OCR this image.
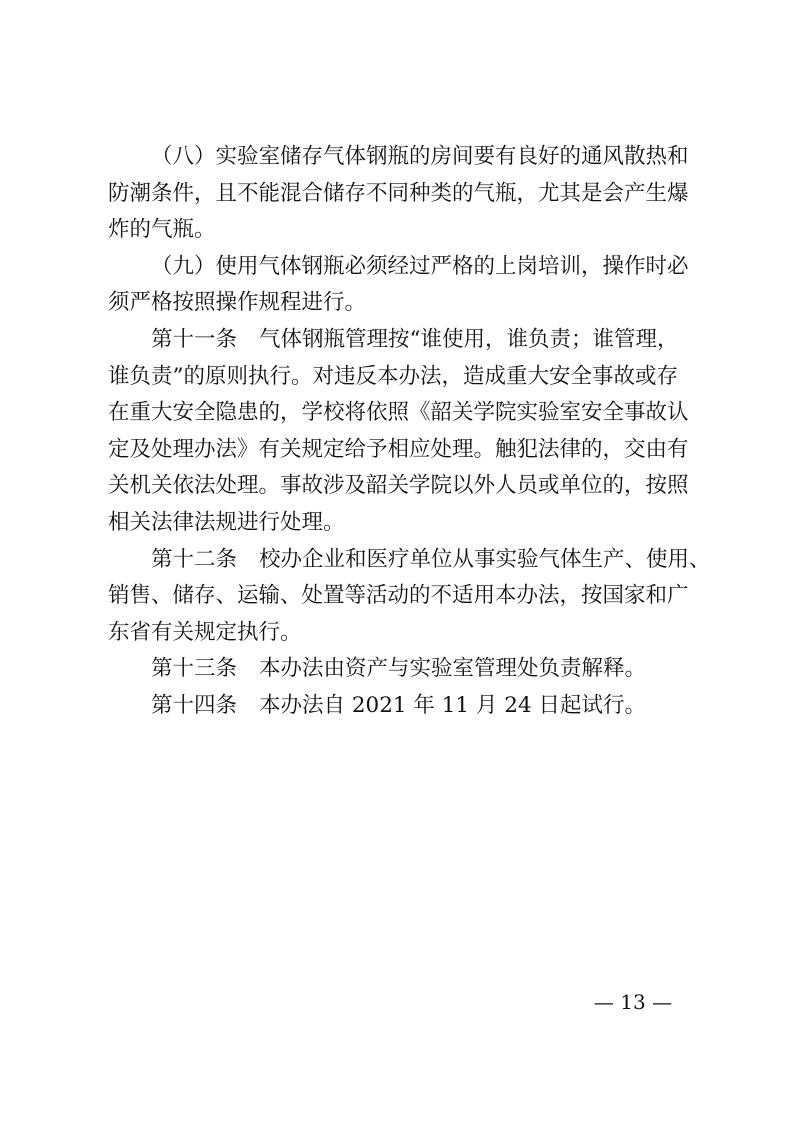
（八）实验室储存气体钢瓶的房间要有良好的通风散热和
防潮条件，且不能混合储存不同种类的气瓶，尤其是会产生爆
炸的气瓶。

（九）使用气体钢瓶必须经过严格的上岗培训，操作时必
须严格按照操作规程进行。

第十一条 气体钢瓶管理按“谁使用，谁负责；谁管理，
谁负责”的原则执行。对违反本办法，造成重大安全事故或存
在重大安全隐患的，学校将依照《韶关学院实验室安全事故认
定及处理办法》有关规定给予相应处理。触犯法律的，交由有
关机关依法处理。事故涉及韶关学院以外人员或单位的，按照
相关法律法规进行处理。

第十二条 校办企业和医疗单位从事实验气体生产、使用、
销售、储存、运输、处置等活动的不适用本办法，按国家和广
东省有关规定执行。

第十三条 本办法由资产与实验室管理处负责解释。

第十四条 本办法自 2021 年 11 月 24 日起试行。

— 13 —
